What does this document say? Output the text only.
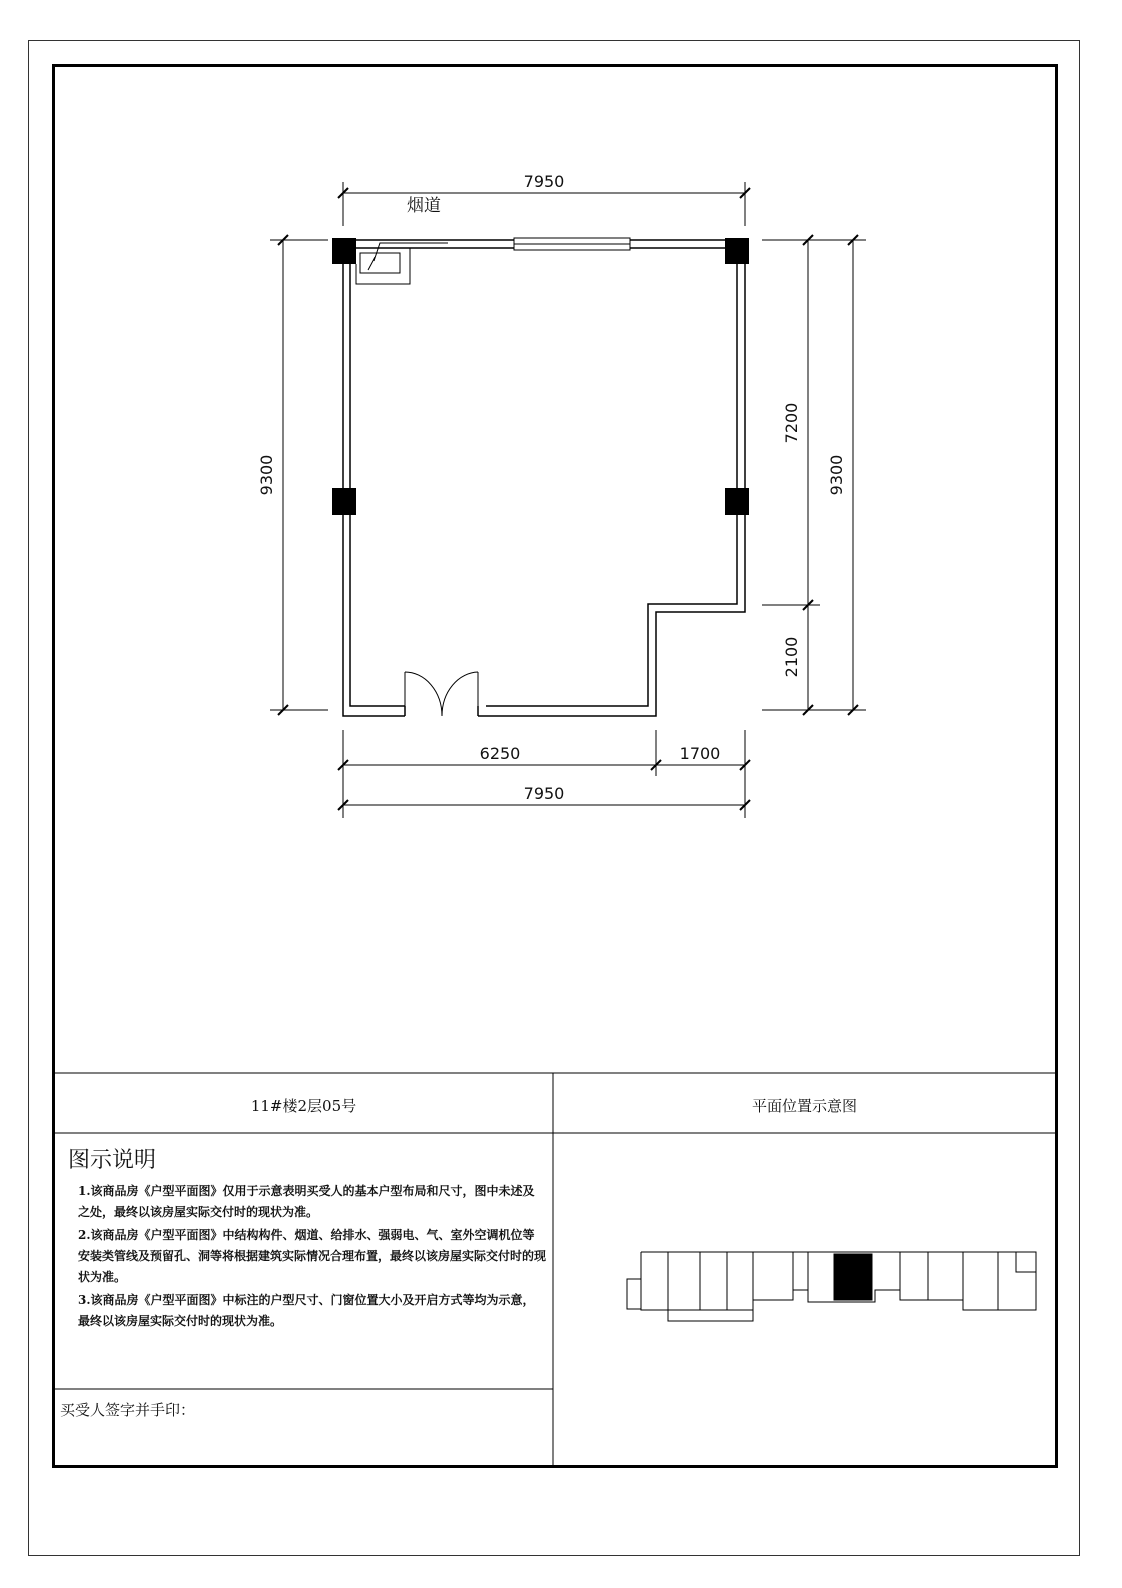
7950
烟道
9300
7200
2100
9300
6250	1700
7950
11#楼2层05号	平面位置示意图
图示说明
1.该商品房《户型平面图》仅用于示意表明买受人的基本户型布局和尺寸，图中未述及之处，最终以该房屋实际交付时的现状为准。
2.该商品房《户型平面图》中结构构件、烟道、给排水、强弱电、气、室外空调机位等安装类管线及预留孔、洞等将根据建筑实际情况合理布置，最终以该房屋实际交付时的现状为准。
3.该商品房《户型平面图》中标注的户型尺寸、门窗位置大小及开启方式等均为示意，最终以该房屋实际交付时的现状为准。
买受人签字并手印：
